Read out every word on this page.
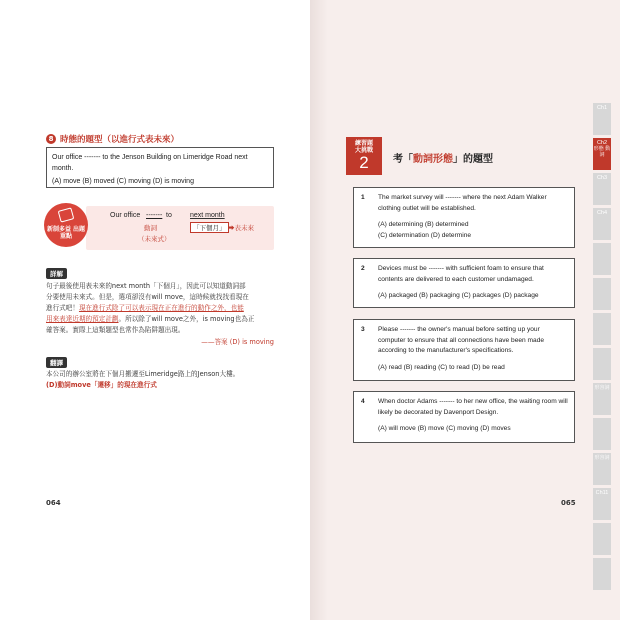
8 時態的題型（以進行式表未來）
Our office ------- to the Jenson Building on Limeridge Road next month.
(A) move (B) moved (C) moving (D) is moving
新制多益 出題重點
Our office ------- to	next month
動詞
（未來式）
「下個月」 ➡表未來
詳解
句子最後使用表未來的next month「下個月」，因此可以知道動詞部
分要使用未來式。但是，選項卻沒有will move，這時候就找找看現在
進行式吧！現在進行式除了可以表示現在正在進行的動作之外，也能
用來表達近期的預定計劃。所以除了will move之外，is moving也為正
確答案。實際上這類題型也常作為陷阱題出現。
——答案 (D) is moving
翻譯
本公司的辦公室將在下個月搬遷至Limeridge路上的Jenson大樓。
(D)動詞move「遷移」的現在進行式
064
練習題
大挑戰
2	考「動詞形態」的題型
1 The market survey will ------- where the next Adam Walker clothing outlet will be established.
(A) determining (B) determined
(C) determination (D) determine
2 Devices must be ------- with sufficient foam to ensure that contents are delivered to each customer undamaged.
(A) packaged (B) packaging (C) packages (D) package
3 Please ------- the owner's manual before setting up your computer to ensure that all connections have been made according to the manufacturer's specifications.
(A) read (B) reading (C) to read (D) be read
4 When doctor Adams ------- to her new office, the waiting room will likely be decorated by Davenport Design.
(A) will move (B) move (C) moving (D) moves
065
Ch1
Ch2
形態 動詞
Ch3
Ch4
形容詞
形容詞
Ch11
